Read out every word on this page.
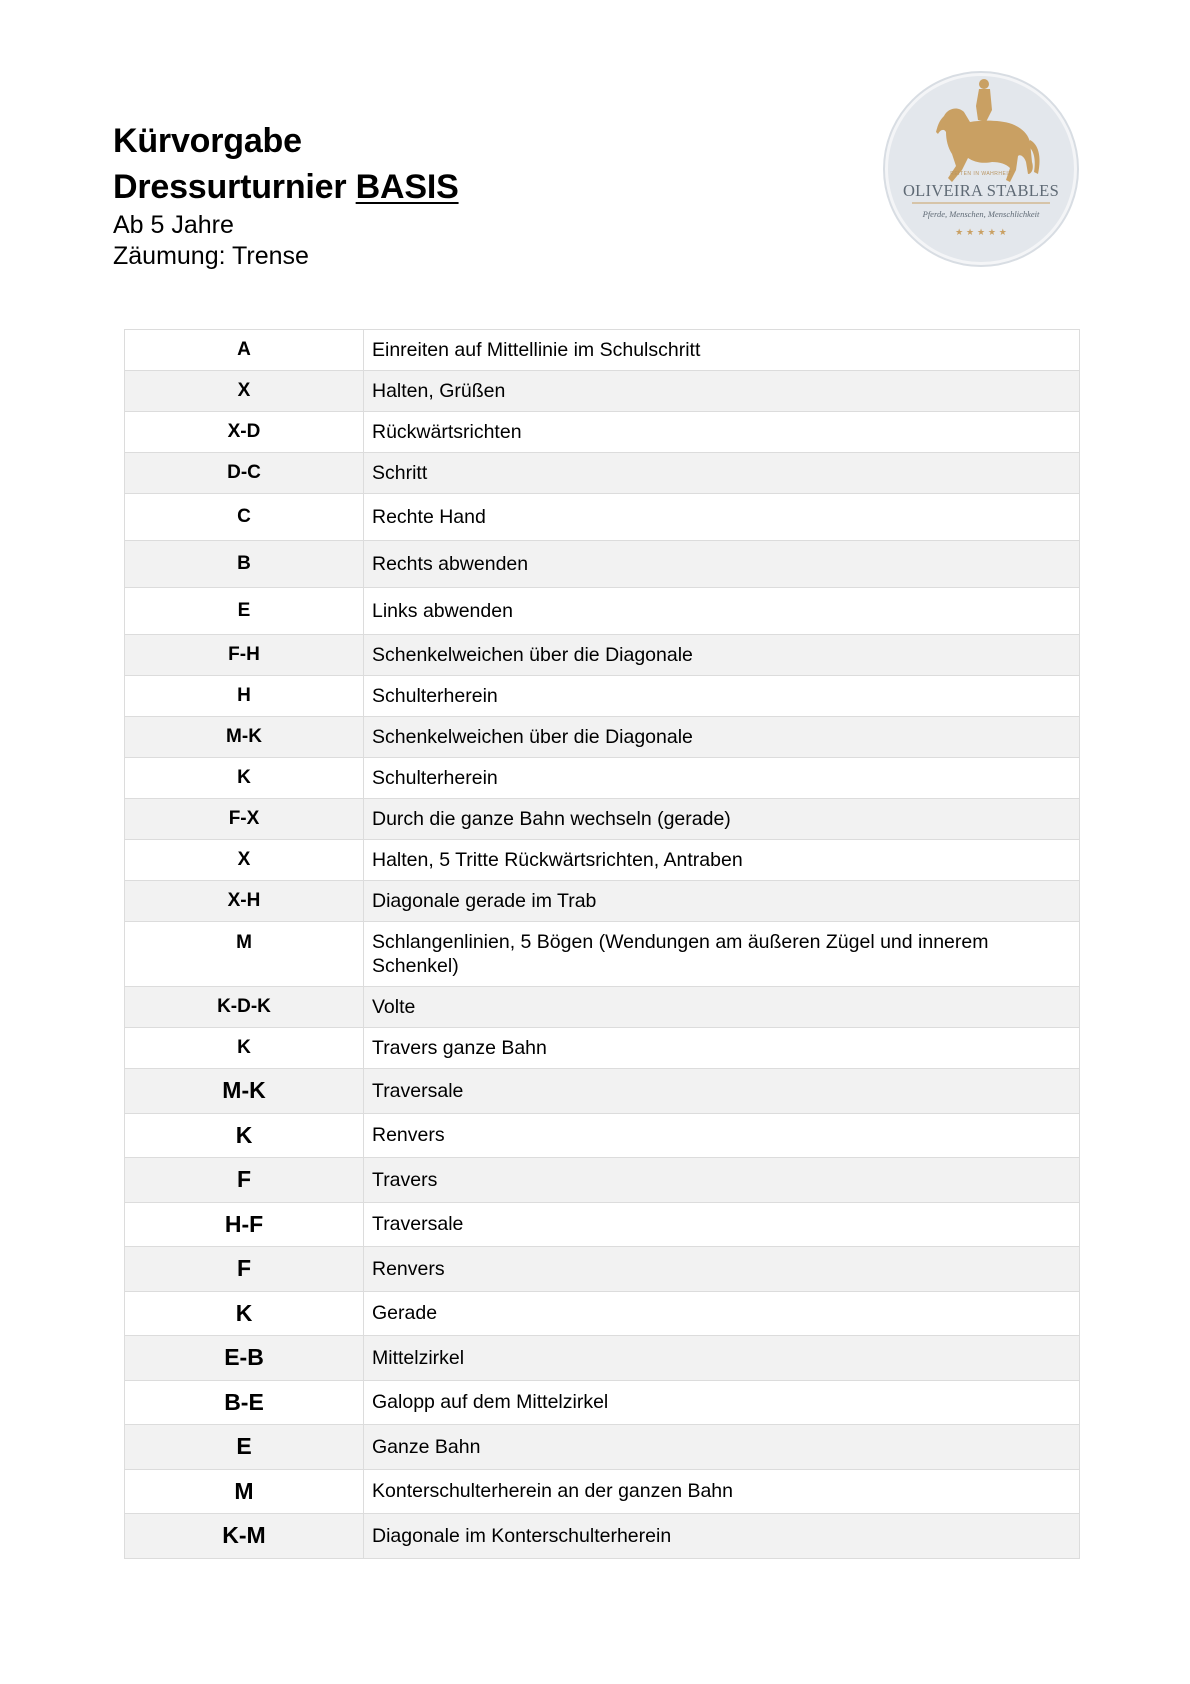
Kürvorgabe
Dressurturnier BASIS
Ab 5 Jahre
Zäumung: Trense
REITEN IN WAHRHEIT
OLIVEIRA STABLES
Pferde, Menschen, Menschlichkeit
★ ★ ★ ★ ★
A	Einreiten auf Mittellinie im Schulschritt
X	Halten, Grüßen
X-D	Rückwärtsrichten
D-C	Schritt
C	Rechte Hand
B	Rechts abwenden
E	Links abwenden
F-H	Schenkelweichen über die Diagonale
H	Schulterherein
M-K	Schenkelweichen über die Diagonale
K	Schulterherein
F-X	Durch die ganze Bahn wechseln (gerade)
X	Halten, 5 Tritte Rückwärtsrichten, Antraben
X-H	Diagonale gerade im Trab
M	Schlangenlinien, 5 Bögen (Wendungen am äußeren Zügel und innerem Schenkel)
K-D-K	Volte
K	Travers ganze Bahn
M-K	Traversale
K	Renvers
F	Travers
H-F	Traversale
F	Renvers
K	Gerade
E-B	Mittelzirkel
B-E	Galopp auf dem Mittelzirkel
E	Ganze Bahn
M	Konterschulterherein an der ganzen Bahn
K-M	Diagonale im Konterschulterherein
